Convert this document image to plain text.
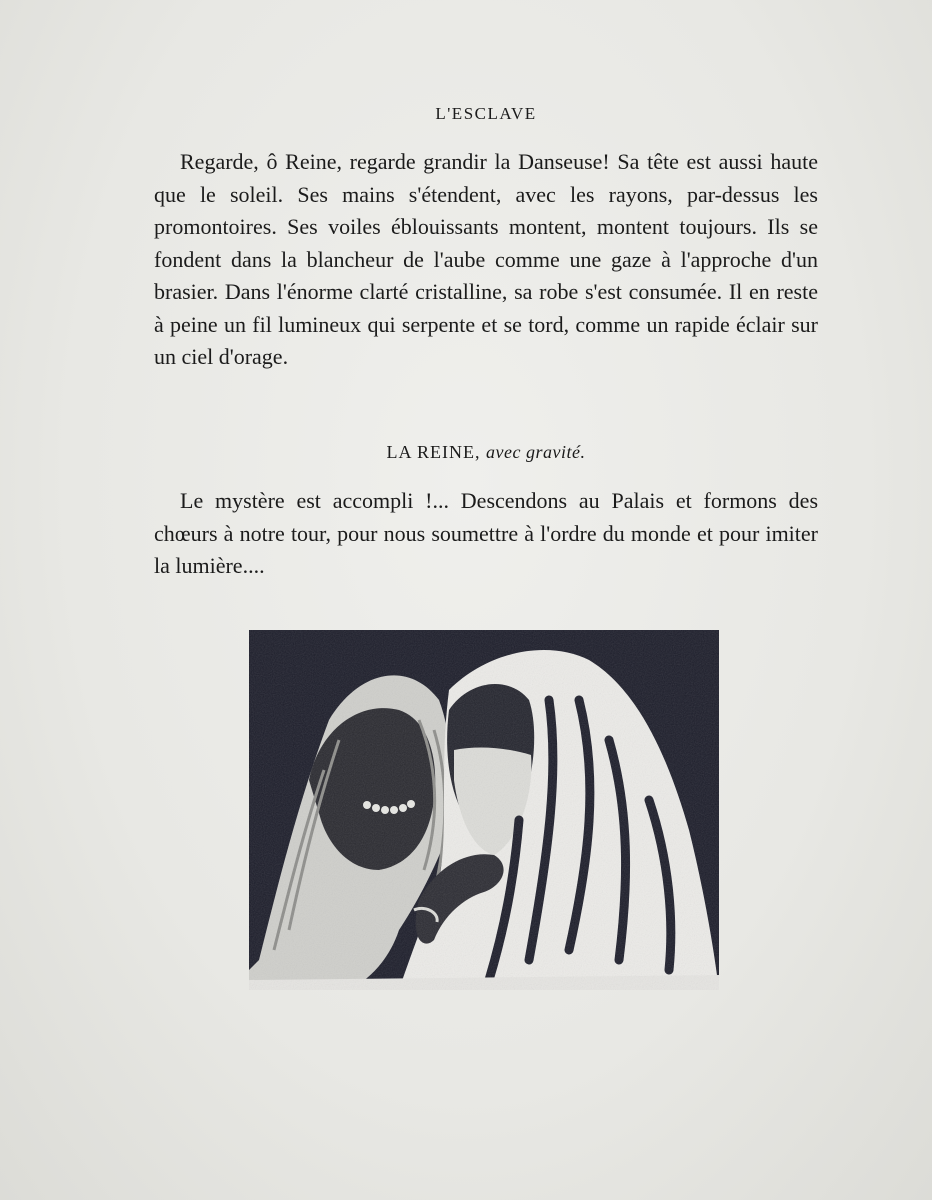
L'ESCLAVE

Regarde, ô Reine, regarde grandir la Danseuse! Sa tête est aussi haute que le soleil. Ses mains s'étendent, avec les rayons, par-dessus les promontoires. Ses voiles éblouissants montent, montent toujours. Ils se fondent dans la blancheur de l'aube comme une gaze à l'approche d'un brasier. Dans l'énorme clarté cristalline, sa robe s'est consumée. Il en reste à peine un fil lumineux qui serpente et se tord, comme un rapide éclair sur un ciel d'orage.

LA REINE, avec gravité.

Le mystère est accompli !... Descendons au Palais et formons des chœurs à notre tour, pour nous soumettre à l'ordre du monde et pour imiter la lumière....
